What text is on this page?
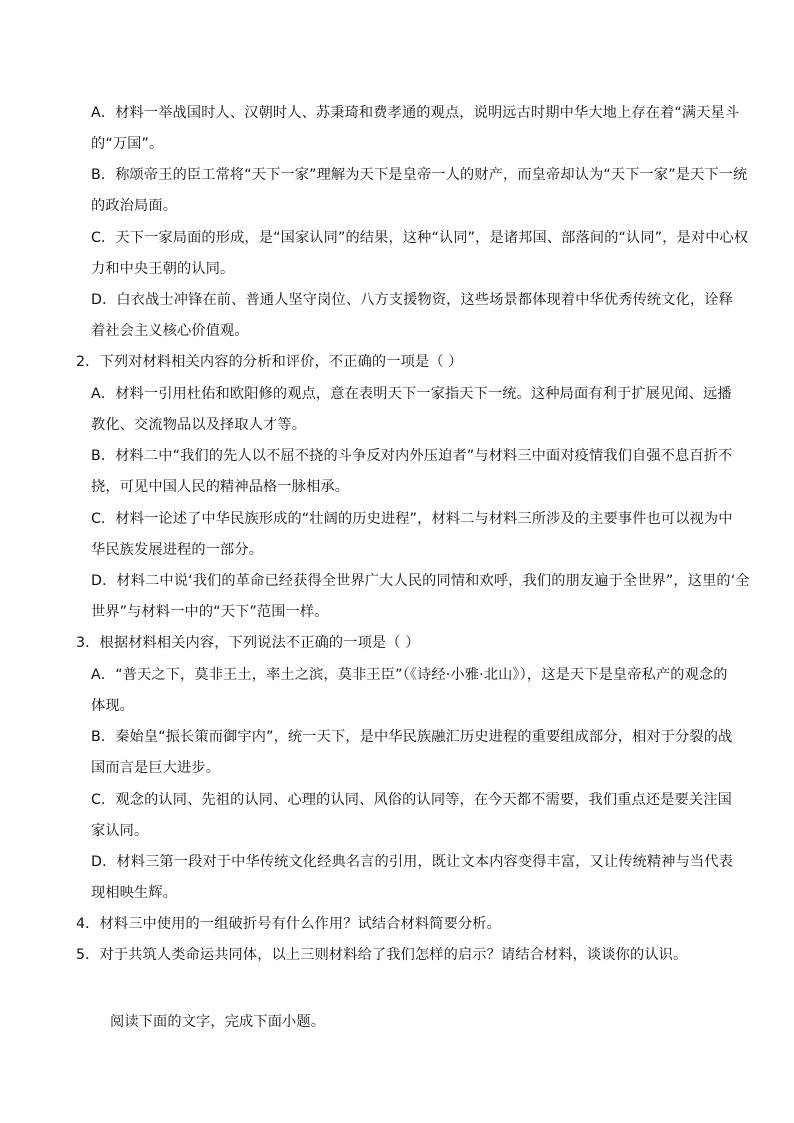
A．材料一举战国时人、汉朝时人、苏秉琦和费孝通的观点，说明远古时期中华大地上存在着“满天星斗
的“万国”。
B．称颂帝王的臣工常将“天下一家”理解为天下是皇帝一人的财产，而皇帝却认为“天下一家”是天下一统
的政治局面。
C．天下一家局面的形成，是“国家认同”的结果，这种“认同”，是诸邦国、部落间的“认同”，是对中心权
力和中央王朝的认同。
D．白衣战士冲锋在前、普通人坚守岗位、八方支援物资，这些场景都体现着中华优秀传统文化，诠释
着社会主义核心价值观。
2．下列对材料相关内容的分析和评价，不正确的一项是（ ）
A．材料一引用杜佑和欧阳修的观点，意在表明天下一家指天下一统。这种局面有利于扩展见闻、远播
教化、交流物品以及择取人才等。
B．材料二中“我们的先人以不屈不挠的斗争反对内外压迫者”与材料三中面对疫情我们自强不息百折不
挠，可见中国人民的精神品格一脉相承。
C．材料一论述了中华民族形成的“壮阔的历史进程”，材料二与材料三所涉及的主要事件也可以视为中
华民族发展进程的一部分。
D．材料二中说‘我们的革命已经获得全世界广大人民的同情和欢呼，我们的朋友遍于全世界”，这里的‘全
世界”与材料一中的“天下”范围一样。
3．根据材料相关内容，下列说法不正确的一项是（ ）
A．“普天之下，莫非王土，率土之滨，莫非王臣”（《诗经·小雅·北山》），这是天下是皇帝私产的观念的
体现。
B．秦始皇“振长策而御宇内”，统一天下，是中华民族融汇历史进程的重要组成部分，相对于分裂的战
国而言是巨大进步。
C．观念的认同、先祖的认同、心理的认同、风俗的认同等，在今天都不需要，我们重点还是要关注国
家认同。
D．材料三第一段对于中华传统文化经典名言的引用，既让文本内容变得丰富，又让传统精神与当代表
现相映生辉。
4．材料三中使用的一组破折号有什么作用？试结合材料简要分析。
5．对于共筑人类命运共同体，以上三则材料给了我们怎样的启示？请结合材料，谈谈你的认识。
阅读下面的文字，完成下面小题。
